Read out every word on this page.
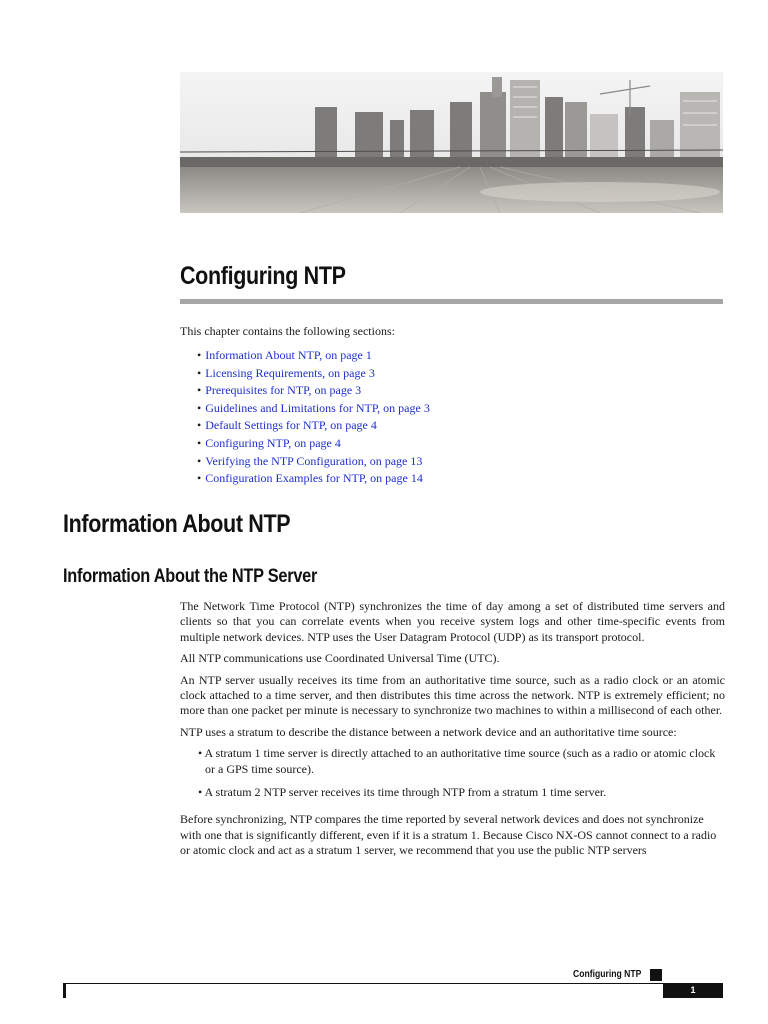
Configuring NTP

This chapter contains the following sections:

• Information About NTP, on page 1
• Licensing Requirements, on page 3
• Prerequisites for NTP, on page 3
• Guidelines and Limitations for NTP, on page 3
• Default Settings for NTP, on page 4
• Configuring NTP, on page 4
• Verifying the NTP Configuration, on page 13
• Configuration Examples for NTP, on page 14
Information About NTP
Information About the NTP Server

The Network Time Protocol (NTP) synchronizes the time of day among a set of distributed time servers and clients so that you can correlate events when you receive system logs and other time-specific events from multiple network devices. NTP uses the User Datagram Protocol (UDP) as its transport protocol.

All NTP communications use Coordinated Universal Time (UTC).

An NTP server usually receives its time from an authoritative time source, such as a radio clock or an atomic clock attached to a time server, and then distributes this time across the network. NTP is extremely efficient; no more than one packet per minute is necessary to synchronize two machines to within a millisecond of each other.

NTP uses a stratum to describe the distance between a network device and an authoritative time source:

• A stratum 1 time server is directly attached to an authoritative time source (such as a radio or atomic clock or a GPS time source).
• A stratum 2 NTP server receives its time through NTP from a stratum 1 time server.

Before synchronizing, NTP compares the time reported by several network devices and does not synchronize with one that is significantly different, even if it is a stratum 1. Because Cisco NX-OS cannot connect to a radio or atomic clock and act as a stratum 1 server, we recommend that you use the public NTP servers

Configuring NTP
1
